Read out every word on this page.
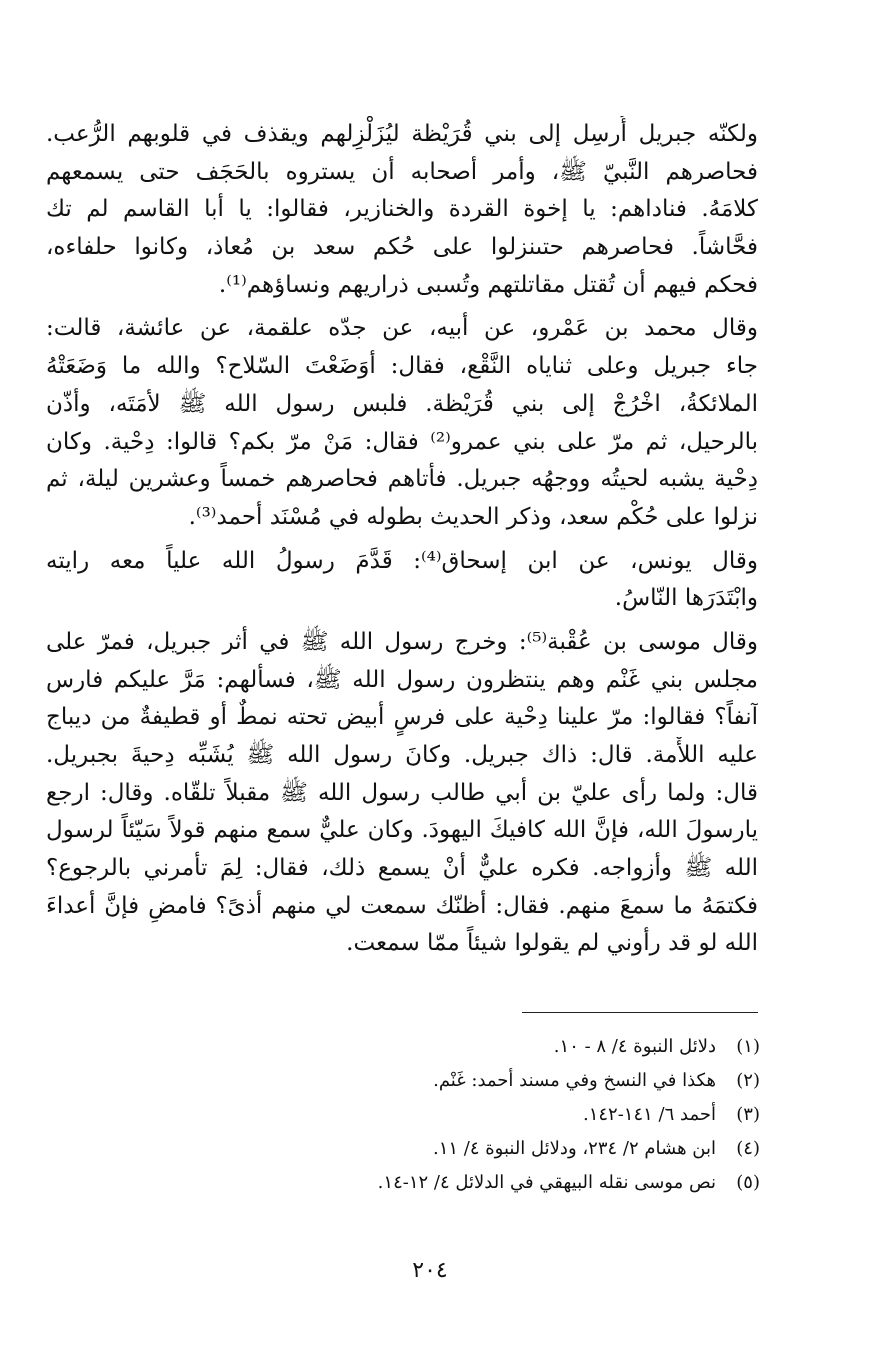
ولكنّه جبريل أُرسِل إلى بني قُرَيْظة ليُزَلْزِلهم ويقذف في قلوبهم الرُّعب.
فحاصرهم النَّبيّ ﷺ، وأمر أصحابه أن يستروه بالحَجَف حتى يسمعهم
كلامَهُ. فناداهم: يا إخوة القردة والخنازير، فقالوا: يا أبا القاسم لم تك
فحَّاشاً. فحاصرهم حتىنزلوا على حُكم سعد بن مُعاذ، وكانوا حلفاءه،
فحكم فيهم أن تُقتل مقاتلتهم وتُسبى ذراريهم ونساؤهم⁽¹⁾.
وقال محمد بن عَمْرو، عن أبيه، عن جدّه علقمة، عن عائشة، قالت:
جاء جبريل وعلى ثناياه النَّقْع، فقال: أوَضَعْتَ السّلاح؟ والله ما وَضَعَتْهُ
الملائكةُ، اخْرُجْ إلى بني قُرَيْظة. فلبس رسول الله ﷺ لأمَتَه، وأذّن
بالرحيل، ثم مرّ على بني عمرو⁽²⁾ فقال: مَنْ مرّ بكم؟ قالوا: دِحْية. وكان
دِحْية يشبه لحيتُه ووجهُه جبريل. فأتاهم فحاصرهم خمساً وعشرين ليلة، ثم
نزلوا على حُكْم سعد، وذكر الحديث بطوله في مُسْنَد أحمد⁽³⁾.
وقال يونس، عن ابن إسحاق⁽⁴⁾: قَدَّمَ رسولُ الله علياً معه رايته
وابْتَدَرَها النّاسُ.
وقال موسى بن عُقْبة⁽⁵⁾: وخرج رسول الله ﷺ في أثر جبريل، فمرّ على
مجلس بني غَنْم وهم ينتظرون رسول الله ﷺ، فسألهم: مَرَّ عليكم فارس
آنفاً؟ فقالوا: مرّ علينا دِحْية على فرسٍ أبيض تحته نمطٌ أو قطيفةٌ من ديباج
عليه اللأْمة. قال: ذاك جبريل. وكانَ رسول الله ﷺ يُشَبِّه دِحيةَ بجبريل.
قال: ولما رأى عليّ بن أبي طالب رسول الله ﷺ مقبلاً تلقّاه. وقال: ارجع
يارسولَ الله، فإنَّ الله كافيكَ اليهودَ. وكان عليٌّ سمع منهم قولاً سَيّئاً لرسول
الله ﷺ وأزواجه. فكره عليٌّ أنْ يسمع ذلك، فقال: لِمَ تأمرني بالرجوع؟
فكتمَهُ ما سمعَ منهم. فقال: أظنّك سمعت لي منهم أذىً؟ فامضِ فإنَّ أعداءَ
الله لو قد رأوني لم يقولوا شيئاً ممّا سمعت.
(١)
دلائل النبوة ٤/ ٨ - ١٠.
(٢)
هكذا في النسخ وفي مسند أحمد: غَنْم.
(٣)
أحمد ٦/ ١٤١-١٤٢.
(٤)
ابن هشام ٢/ ٢٣٤، ودلائل النبوة ٤/ ١١.
(٥)
نص موسى نقله البيهقي في الدلائل ٤/ ١٢-١٤.
٢٠٤
